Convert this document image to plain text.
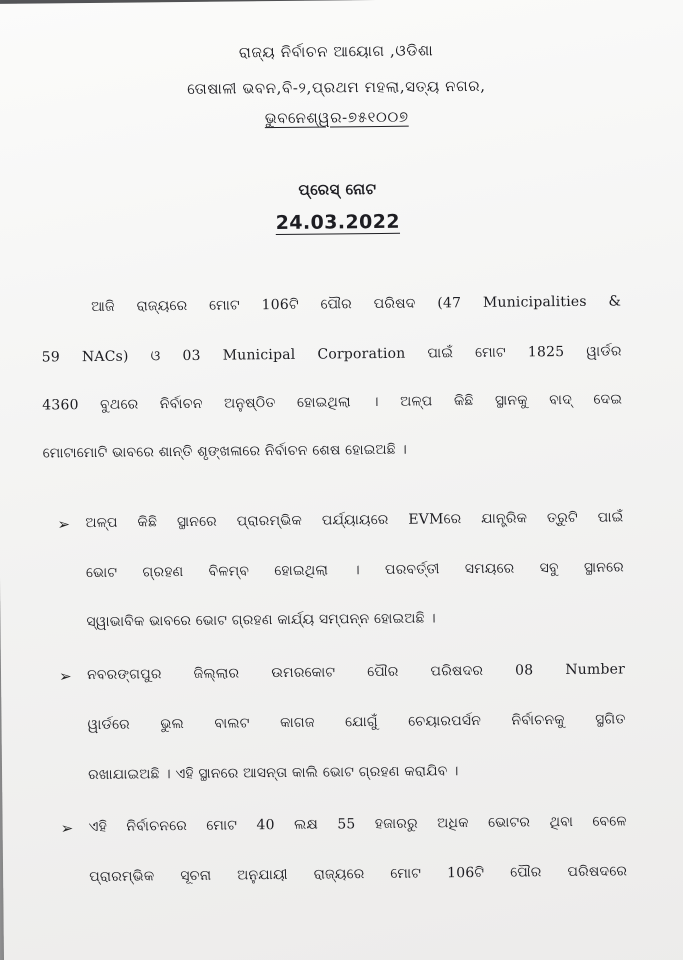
ରାଜ୍ୟ ନିର୍ବାଚନ ଆୟୋଗ ,ଓଡିଶା
ତୋଷାଳୀ ଭବନ,ବି-୨,ପ୍ରଥମ ମହଲା,ସତ୍ୟ ନଗର,
ଭୁବନେଶ୍ୱର-୭୫୧୦୦୭
ପ୍ରେସ୍ ନୋଟ
24.03.2022
ଆଜି ରାଜ୍ୟରେ ମୋଟ 106ଟି ପୌର ପରିଷଦ (47 Municipalities &
59 NACs) ଓ 03 Municipal Corporation ପାଇଁ ମୋଟ 1825 ୱାର୍ଡର
4360 ବୁଥରେ ନିର୍ବାଚନ ଅନୁଷ୍ଠିତ ହୋଇଥିଲା । ଅଳ୍ପ କିଛି ସ୍ଥାନକୁ ବାଦ୍ ଦେଇ
ମୋଟାମୋଟି ଭାବରେ ଶାନ୍ତି ଶୃଙ୍ଖଳାରେ ନିର୍ବାଚନ ଶେଷ ହୋଇଅଛି ।
➢	ଅଳ୍ପ କିଛି ସ୍ଥାନରେ ପ୍ରାରମ୍ଭିକ ପର୍ଯ୍ୟାୟରେ EVMରେ ଯାନ୍ତ୍ରିକ ତ୍ରୁଟି ପାଇଁ
ଭୋଟ ଗ୍ରହଣ ବିଳମ୍ବ ହୋଇଥିଲା । ପରବର୍ତ୍ତୀ ସମୟରେ ସବୁ ସ୍ଥାନରେ
ସ୍ୱାଭାବିକ ଭାବରେ ଭୋଟ ଗ୍ରହଣ କାର୍ଯ୍ୟ ସମ୍ପନ୍ନ ହୋଇଅଛି ।
➢	ନବରଙ୍ଗପୁର ଜିଲ୍ଲାର ଉମରକୋଟ ପୌର ପରିଷଦର 08 Number
ୱାର୍ଡରେ ଭୁଲ ବାଲଟ କାଗଜ ଯୋଗୁଁ ଚେୟାରପର୍ସନ ନିର୍ବାଚନକୁ ସ୍ଥଗିତ
ରଖାଯାଇଅଛି । ଏହି ସ୍ଥାନରେ ଆସନ୍ତା କାଲି ଭୋଟ ଗ୍ରହଣ କରାଯିବ ।
➢	ଏହି ନିର୍ବାଚନରେ ମୋଟ 40 ଲକ୍ଷ 55 ହଜାରରୁ ଅଧିକ ଭୋଟର ଥିବା ବେଳେ
ପ୍ରାରମ୍ଭିକ ସୂଚନା ଅନୁଯାୟୀ ରାଜ୍ୟରେ ମୋଟ 106ଟି ପୌର ପରିଷଦରେ
